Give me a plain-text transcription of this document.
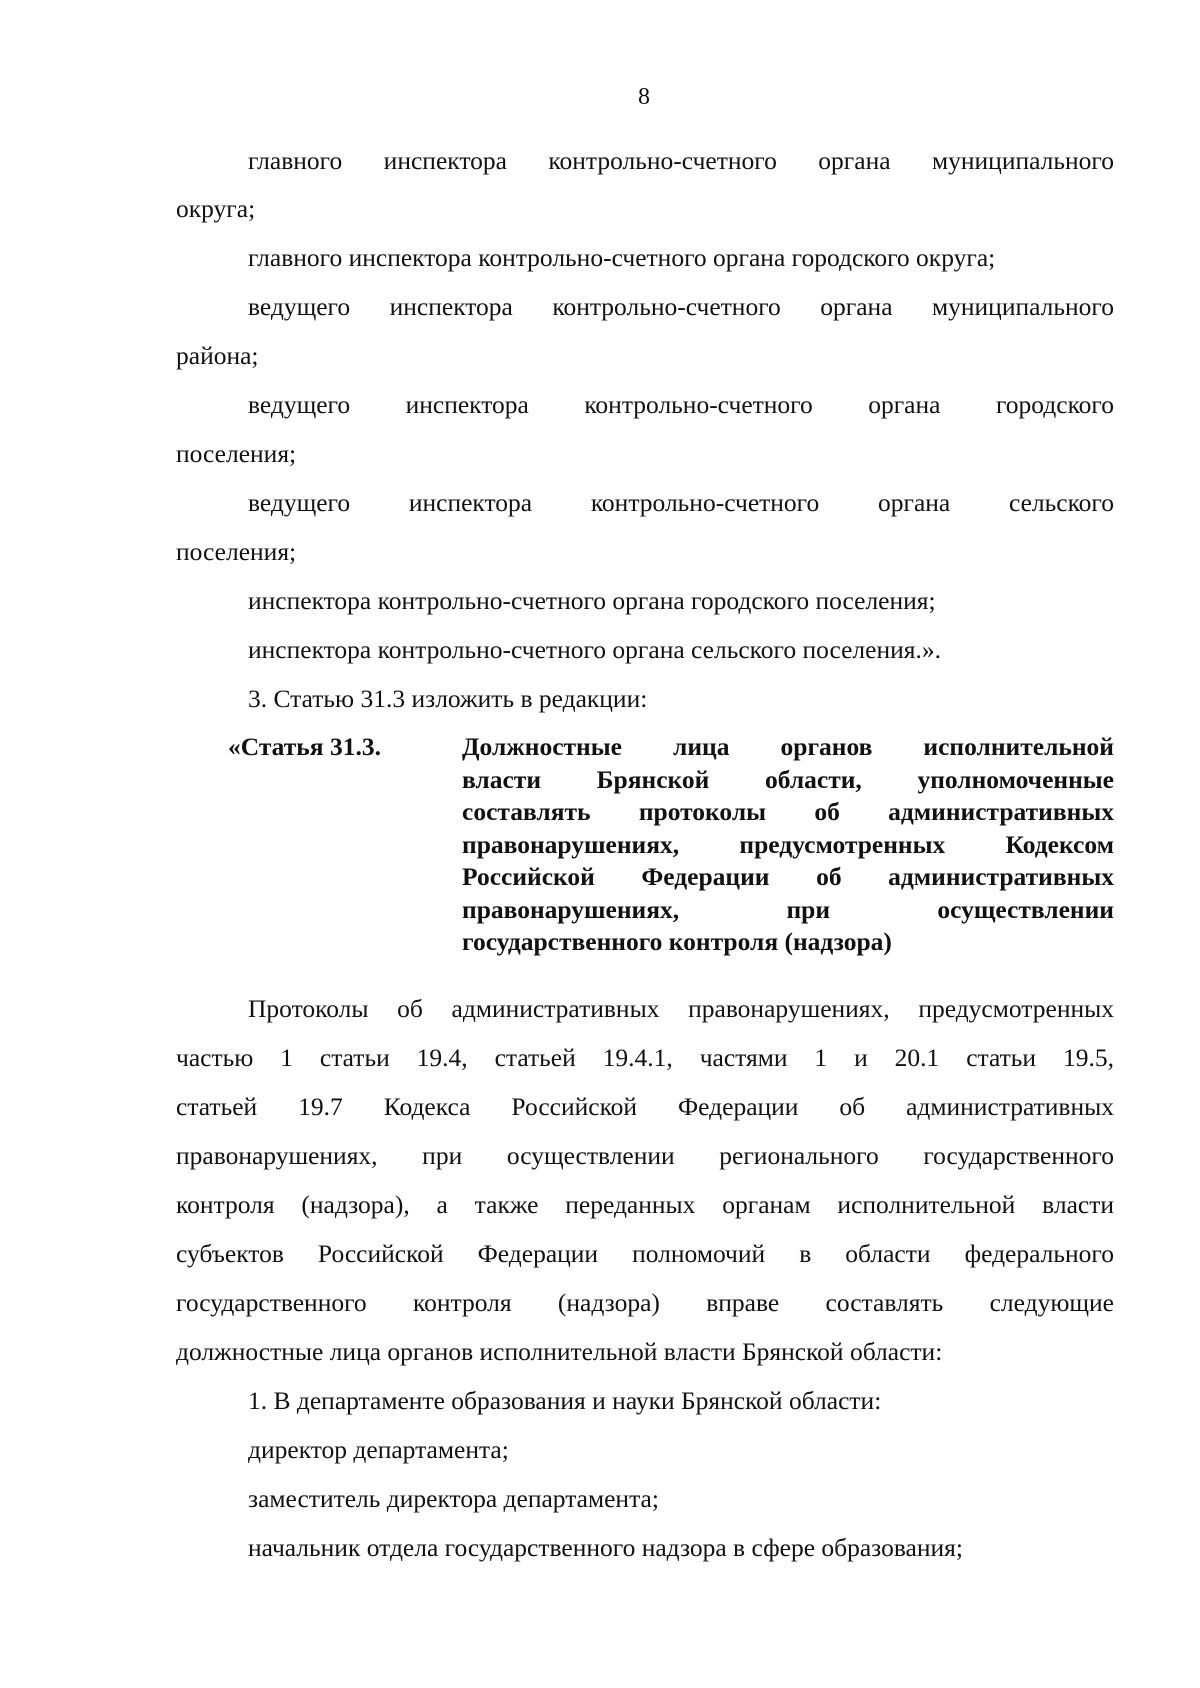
8
главного инспектора контрольно-счетного органа муниципального
округа;
главного инспектора контрольно-счетного органа городского округа;
ведущего инспектора контрольно-счетного органа муниципального
района;
ведущего инспектора контрольно-счетного органа городского
поселения;
ведущего инспектора контрольно-счетного органа сельского
поселения;
инспектора контрольно-счетного органа городского поселения;
инспектора контрольно-счетного органа сельского поселения.».
3. Статью 31.3 изложить в редакции:
«Статья 31.3.	Должностные лица органов исполнительной
власти Брянской области, уполномоченные
составлять протоколы об административных
правонарушениях, предусмотренных Кодексом
Российской Федерации об административных
правонарушениях, при осуществлении
государственного контроля (надзора)
Протоколы об административных правонарушениях, предусмотренных
частью 1 статьи 19.4, статьей 19.4.1, частями 1 и 20.1 статьи 19.5,
статьей 19.7 Кодекса Российской Федерации об административных
правонарушениях, при осуществлении регионального государственного
контроля (надзора), а также переданных органам исполнительной власти
субъектов Российской Федерации полномочий в области федерального
государственного контроля (надзора) вправе составлять следующие
должностные лица органов исполнительной власти Брянской области:
1. В департаменте образования и науки Брянской области:
директор департамента;
заместитель директора департамента;
начальник отдела государственного надзора в сфере образования;
